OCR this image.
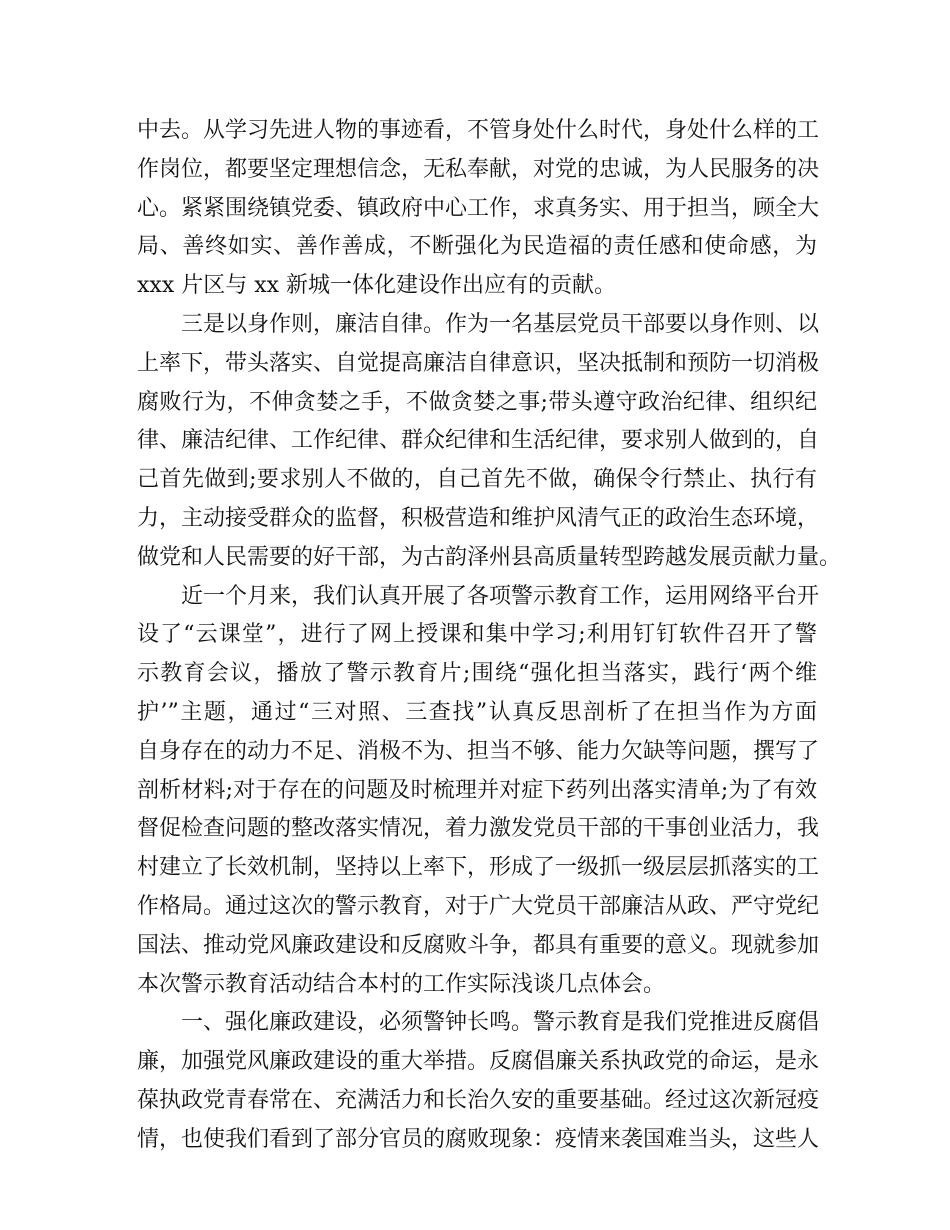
中去。从学习先进人物的事迹看，不管身处什么时代，身处什么样的工
作岗位，都要坚定理想信念，无私奉献，对党的忠诚，为人民服务的决
心。紧紧围绕镇党委、镇政府中心工作，求真务实、用于担当，顾全大
局、善终如实、善作善成，不断强化为民造福的责任感和使命感，为
xxx 片区与 xx 新城一体化建设作出应有的贡献。
三是以身作则，廉洁自律。作为一名基层党员干部要以身作则、以
上率下，带头落实、自觉提高廉洁自律意识，坚决抵制和预防一切消极
腐败行为，不伸贪婪之手，不做贪婪之事;带头遵守政治纪律、组织纪
律、廉洁纪律、工作纪律、群众纪律和生活纪律，要求别人做到的，自
己首先做到;要求别人不做的，自己首先不做，确保令行禁止、执行有
力，主动接受群众的监督，积极营造和维护风清气正的政治生态环境，
做党和人民需要的好干部，为古韵泽州县高质量转型跨越发展贡献力量。
近一个月来，我们认真开展了各项警示教育工作，运用网络平台开
设了“云课堂”，进行了网上授课和集中学习;利用钉钉软件召开了警
示教育会议，播放了警示教育片;围绕“强化担当落实，践行‘两个维
护’”主题，通过“三对照、三查找”认真反思剖析了在担当作为方面
自身存在的动力不足、消极不为、担当不够、能力欠缺等问题，撰写了
剖析材料;对于存在的问题及时梳理并对症下药列出落实清单;为了有效
督促检查问题的整改落实情况，着力激发党员干部的干事创业活力，我
村建立了长效机制，坚持以上率下，形成了一级抓一级层层抓落实的工
作格局。通过这次的警示教育，对于广大党员干部廉洁从政、严守党纪
国法、推动党风廉政建设和反腐败斗争，都具有重要的意义。现就参加
本次警示教育活动结合本村的工作实际浅谈几点体会。
一、强化廉政建设，必须警钟长鸣。警示教育是我们党推进反腐倡
廉，加强党风廉政建设的重大举措。反腐倡廉关系执政党的命运，是永
葆执政党青春常在、充满活力和长治久安的重要基础。经过这次新冠疫
情，也使我们看到了部分官员的腐败现象：疫情来袭国难当头，这些人
